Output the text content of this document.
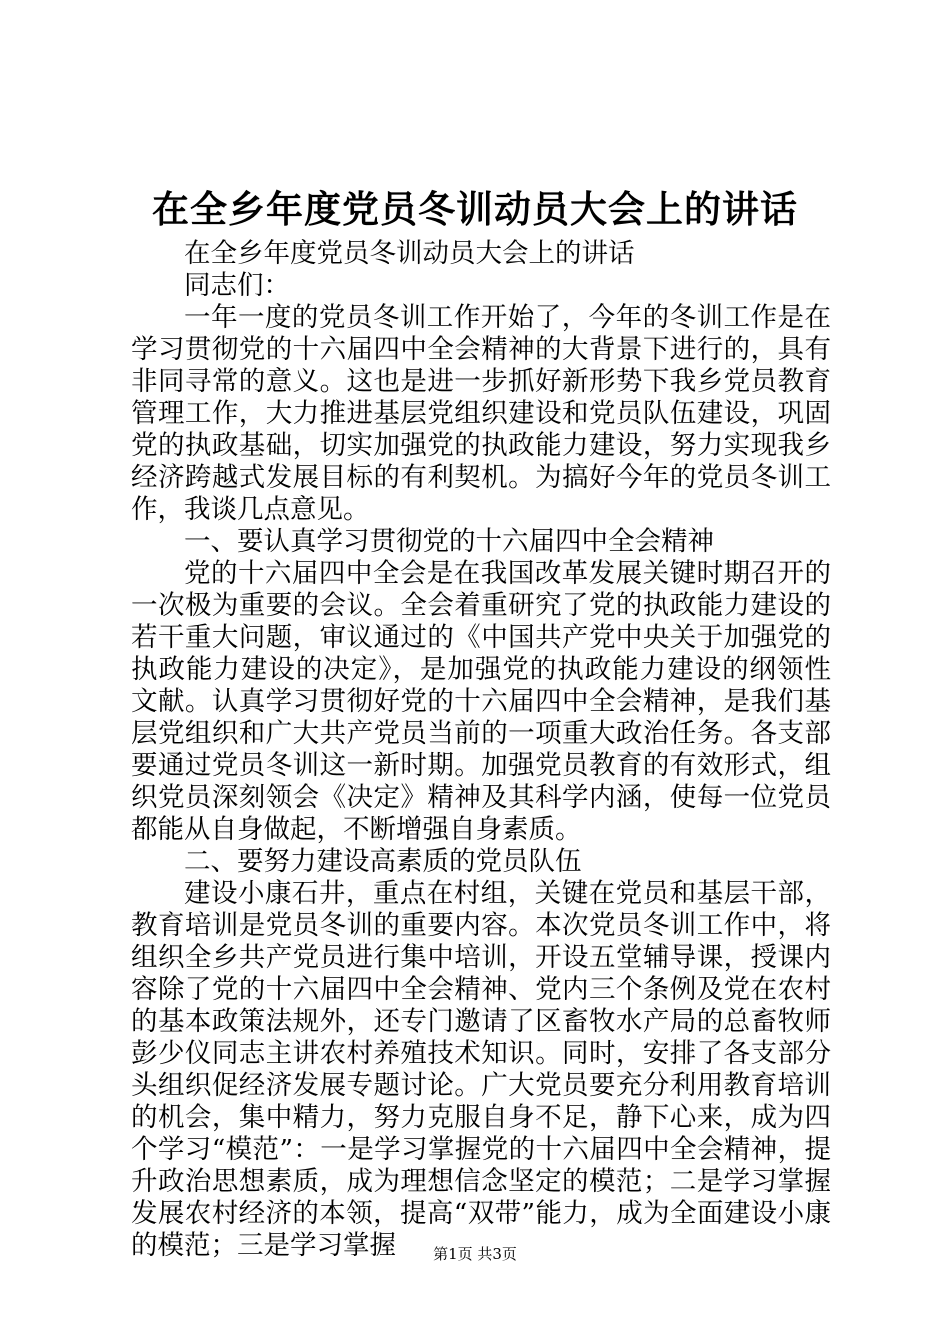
在全乡年度党员冬训动员大会上的讲话

在全乡年度党员冬训动员大会上的讲话

同志们：

一年一度的党员冬训工作开始了，今年的冬训工作是在学习贯彻党的十六届四中全会精神的大背景下进行的，具有非同寻常的意义。这也是进一步抓好新形势下我乡党员教育管理工作，大力推进基层党组织建设和党员队伍建设，巩固党的执政基础，切实加强党的执政能力建设，努力实现我乡经济跨越式发展目标的有利契机。为搞好今年的党员冬训工作，我谈几点意见。

一、要认真学习贯彻党的十六届四中全会精神

党的十六届四中全会是在我国改革发展关键时期召开的一次极为重要的会议。全会着重研究了党的执政能力建设的若干重大问题，审议通过的《中国共产党中央关于加强党的执政能力建设的决定》，是加强党的执政能力建设的纲领性文献。认真学习贯彻好党的十六届四中全会精神，是我们基层党组织和广大共产党员当前的一项重大政治任务。各支部要通过党员冬训这一新时期。加强党员教育的有效形式，组织党员深刻领会《决定》精神及其科学内涵，使每一位党员都能从自身做起，不断增强自身素质。

二、要努力建设高素质的党员队伍

建设小康石井，重点在村组，关键在党员和基层干部，教育培训是党员冬训的重要内容。本次党员冬训工作中，将组织全乡共产党员进行集中培训，开设五堂辅导课，授课内容除了党的十六届四中全会精神、党内三个条例及党在农村的基本政策法规外，还专门邀请了区畜牧水产局的总畜牧师彭少仪同志主讲农村养殖技术知识。同时，安排了各支部分头组织促经济发展专题讨论。广大党员要充分利用教育培训的机会，集中精力，努力克服自身不足，静下心来，成为四个学习“模范”：一是学习掌握党的十六届四中全会精神，提升政治思想素质，成为理想信念坚定的模范；二是学习掌握发展农村经济的本领，提高“双带”能力，成为全面建设小康的模范；三是学习掌握	第1页 共3页
